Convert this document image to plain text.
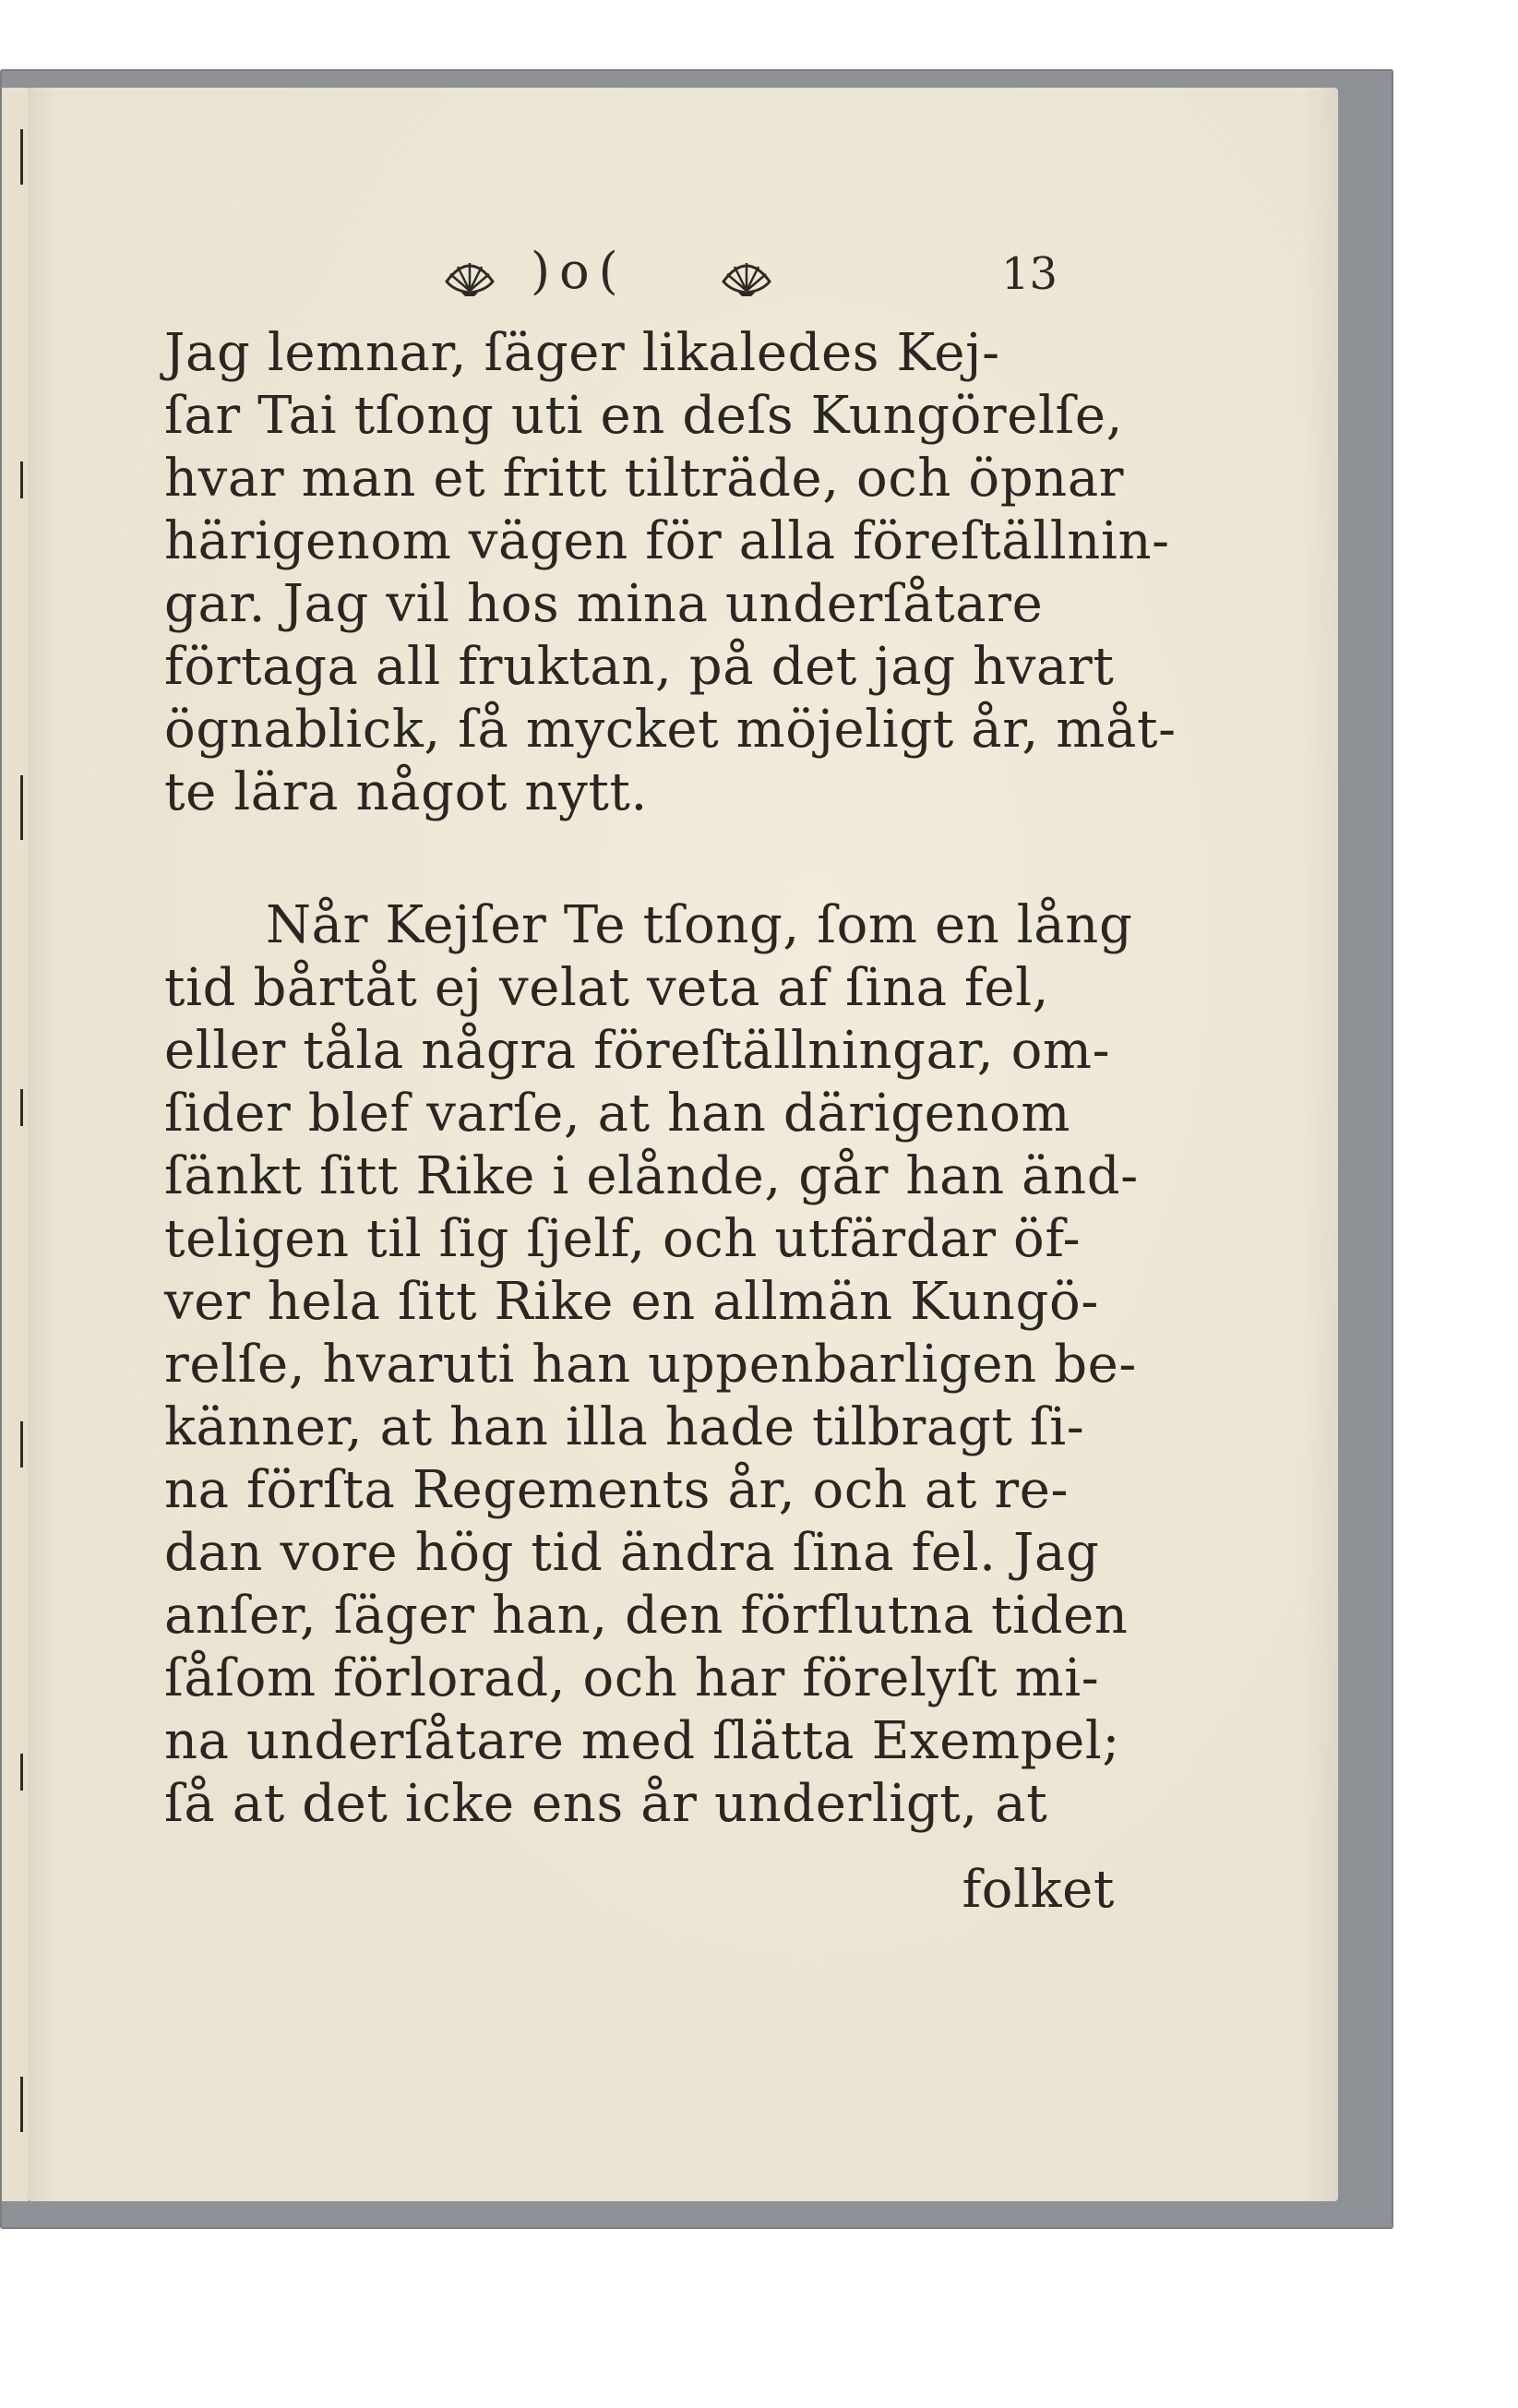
)o(	13
Jag lemnar, ſäger likaledes Kej-
ſar Tai tſong uti en deſs Kungörelſe,
hvar man et fritt tilträde, och öpnar
härigenom vägen för alla föreſtällnin-
gar. Jag vil hos mina underſåtare
förtaga all fruktan, på det jag hvart
ögnablick, ſå mycket möjeligt år, måt-
te lära något nytt.
Når Kejſer Te tſong, ſom en lång
tid bårtåt ej velat veta af ſina fel,
eller tåla några föreſtällningar, om-
ſider blef varſe, at han därigenom
ſänkt ſitt Rike i elånde, går han änd-
teligen til ſig ſjelf, och utfärdar öf-
ver hela ſitt Rike en allmän Kungö-
relſe, hvaruti han uppenbarligen be-
känner, at han illa hade tilbragt ſi-
na förſta Regements år, och at re-
dan vore hög tid ändra ſina fel. Jag
anſer, ſäger han, den förflutna tiden
ſåſom förlorad, och har förelyſt mi-
na underſåtare med ſlätta Exempel;
ſå at det icke ens år underligt, at
folket
